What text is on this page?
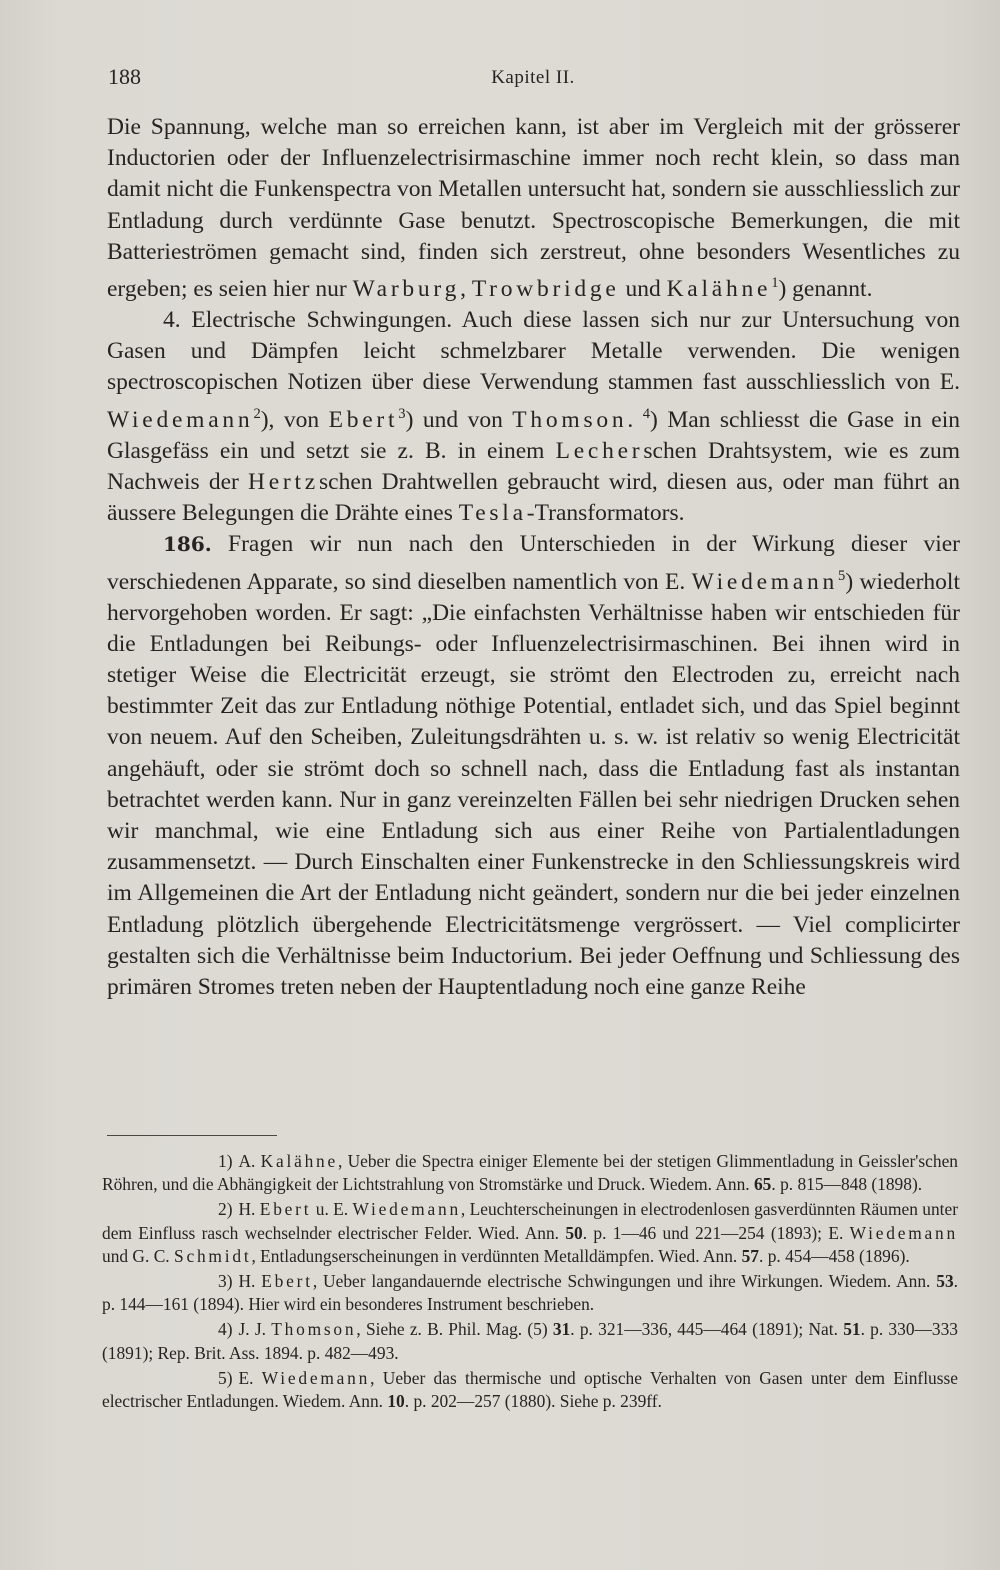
188	Kapitel II.

Die Spannung, welche man so erreichen kann, ist aber im Vergleich mit der grösserer Inductorien oder der Influenzelectrisirmaschine immer noch recht klein, so dass man damit nicht die Funkenspectra von Metallen untersucht hat, sondern sie ausschliesslich zur Entladung durch verdünnte Gase benutzt. Spectroscopische Bemerkungen, die mit Batterieströmen gemacht sind, finden sich zerstreut, ohne besonders Wesentliches zu ergeben; es seien hier nur Warburg, Trowbridge und Kalähne$^1$) genannt.

4. Electrische Schwingungen. Auch diese lassen sich nur zur Untersuchung von Gasen und Dämpfen leicht schmelzbarer Metalle verwenden. Die wenigen spectroscopischen Notizen über diese Verwendung stammen fast ausschliesslich von E. Wiedemann$^2$), von Ebert$^3$) und von Thomson. $^4$) Man schliesst die Gase in ein Glasgefäss ein und setzt sie z. B. in einem Lecherschen Drahtsystem, wie es zum Nachweis der Hertzschen Drahtwellen gebraucht wird, diesen aus, oder man führt an äussere Belegungen die Drähte eines Tesla-Transformators.

186. Fragen wir nun nach den Unterschieden in der Wirkung dieser vier verschiedenen Apparate, so sind dieselben namentlich von E. Wiedemann$^5$) wiederholt hervorgehoben worden. Er sagt: „Die einfachsten Verhältnisse haben wir entschieden für die Entladungen bei Reibungs- oder Influenzelectrisirmaschinen. Bei ihnen wird in stetiger Weise die Electricität erzeugt, sie strömt den Electroden zu, erreicht nach bestimmter Zeit das zur Entladung nöthige Potential, entladet sich, und das Spiel beginnt von neuem. Auf den Scheiben, Zuleitungsdrähten u. s. w. ist relativ so wenig Electricität angehäuft, oder sie strömt doch so schnell nach, dass die Entladung fast als instantan betrachtet werden kann. Nur in ganz vereinzelten Fällen bei sehr niedrigen Drucken sehen wir manchmal, wie eine Entladung sich aus einer Reihe von Partialentladungen zusammensetzt. — Durch Einschalten einer Funkenstrecke in den Schliessungskreis wird im Allgemeinen die Art der Entladung nicht geändert, sondern nur die bei jeder einzelnen Entladung plötzlich übergehende Electricitätsmenge vergrössert. — Viel complicirter gestalten sich die Verhältnisse beim Inductorium. Bei jeder Oeffnung und Schliessung des primären Stromes treten neben der Hauptentladung noch eine ganze Reihe

1) A. Kalähne, Ueber die Spectra einiger Elemente bei der stetigen Glimmentladung in Geissler'schen Röhren, und die Abhängigkeit der Lichtstrahlung von Stromstärke und Druck. Wiedem. Ann. 65. p. 815—848 (1898).

2) H. Ebert u. E. Wiedemann, Leuchterscheinungen in electrodenlosen gasverdünnten Räumen unter dem Einfluss rasch wechselnder electrischer Felder. Wied. Ann. 50. p. 1—46 und 221—254 (1893); E. Wiedemann und G. C. Schmidt, Entladungserscheinungen in verdünnten Metalldämpfen. Wied. Ann. 57. p. 454—458 (1896).

3) H. Ebert, Ueber langandauernde electrische Schwingungen und ihre Wirkungen. Wiedem. Ann. 53. p. 144—161 (1894). Hier wird ein besonderes Instrument beschrieben.

4) J. J. Thomson, Siehe z. B. Phil. Mag. (5) 31. p. 321—336, 445—464 (1891); Nat. 51. p. 330—333 (1891); Rep. Brit. Ass. 1894. p. 482—493.

5) E. Wiedemann, Ueber das thermische und optische Verhalten von Gasen unter dem Einflusse electrischer Entladungen. Wiedem. Ann. 10. p. 202—257 (1880). Siehe p. 239ff.
